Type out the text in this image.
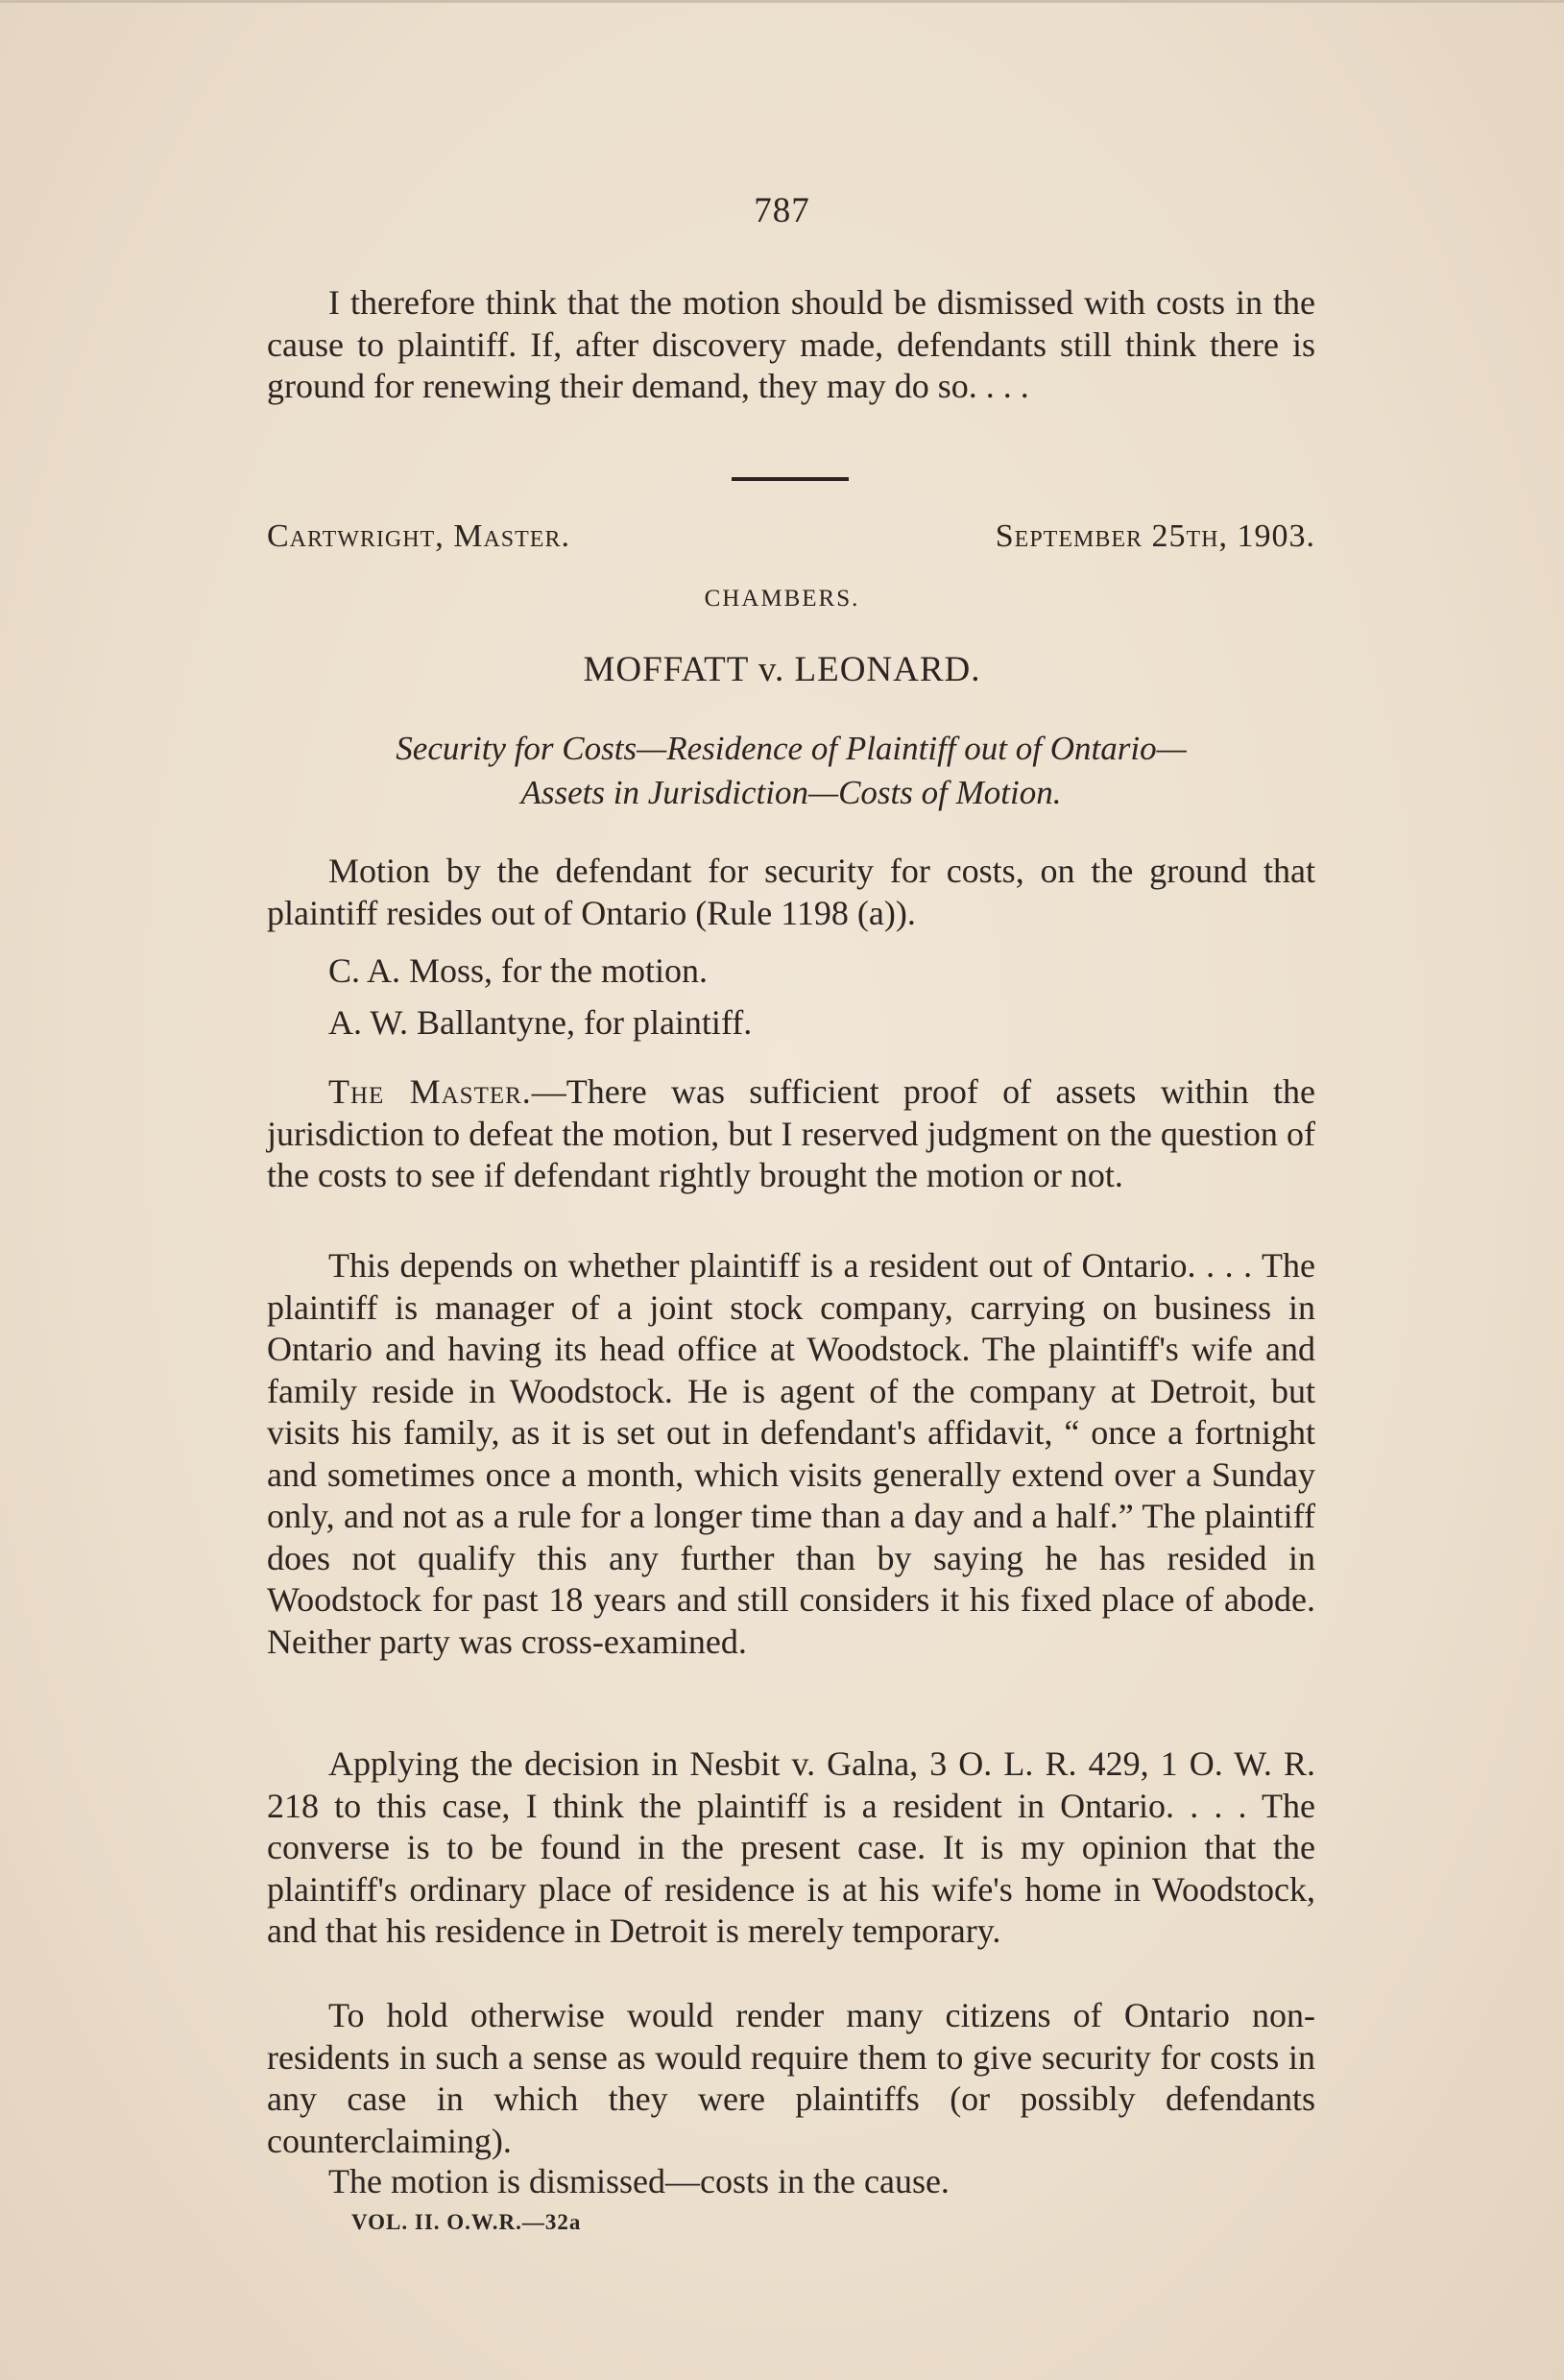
787

I therefore think that the motion should be dismissed with costs in the cause to plaintiff. If, after discovery made, defendants still think there is ground for renewing their demand, they may do so. . . .

Cartwright, Master.	September 25th, 1903.
CHAMBERS.
MOFFATT v. LEONARD.
Security for Costs—Residence of Plaintiff out of Ontario—
Assets in Jurisdiction—Costs of Motion.

Motion by the defendant for security for costs, on the ground that plaintiff resides out of Ontario (Rule 1198 (a)).

C. A. Moss, for the motion.

A. W. Ballantyne, for plaintiff.

The Master.—There was sufficient proof of assets within the jurisdiction to defeat the motion, but I reserved judgment on the question of the costs to see if defendant rightly brought the motion or not.

This depends on whether plaintiff is a resident out of Ontario. . . . The plaintiff is manager of a joint stock company, carrying on business in Ontario and having its head office at Woodstock. The plaintiff's wife and family reside in Woodstock. He is agent of the company at Detroit, but visits his family, as it is set out in defendant's affidavit, “ once a fortnight and sometimes once a month, which visits generally extend over a Sunday only, and not as a rule for a longer time than a day and a half.” The plaintiff does not qualify this any further than by saying he has resided in Woodstock for past 18 years and still considers it his fixed place of abode. Neither party was cross-examined.

Applying the decision in Nesbit v. Galna, 3 O. L. R. 429, 1 O. W. R. 218 to this case, I think the plaintiff is a resident in Ontario. . . . The converse is to be found in the present case. It is my opinion that the plaintiff's ordinary place of residence is at his wife's home in Woodstock, and that his residence in Detroit is merely temporary.

To hold otherwise would render many citizens of Ontario non-residents in such a sense as would require them to give security for costs in any case in which they were plaintiffs (or possibly defendants counterclaiming).

The motion is dismissed—costs in the cause.

VOL. II. O.W.R.—32a
